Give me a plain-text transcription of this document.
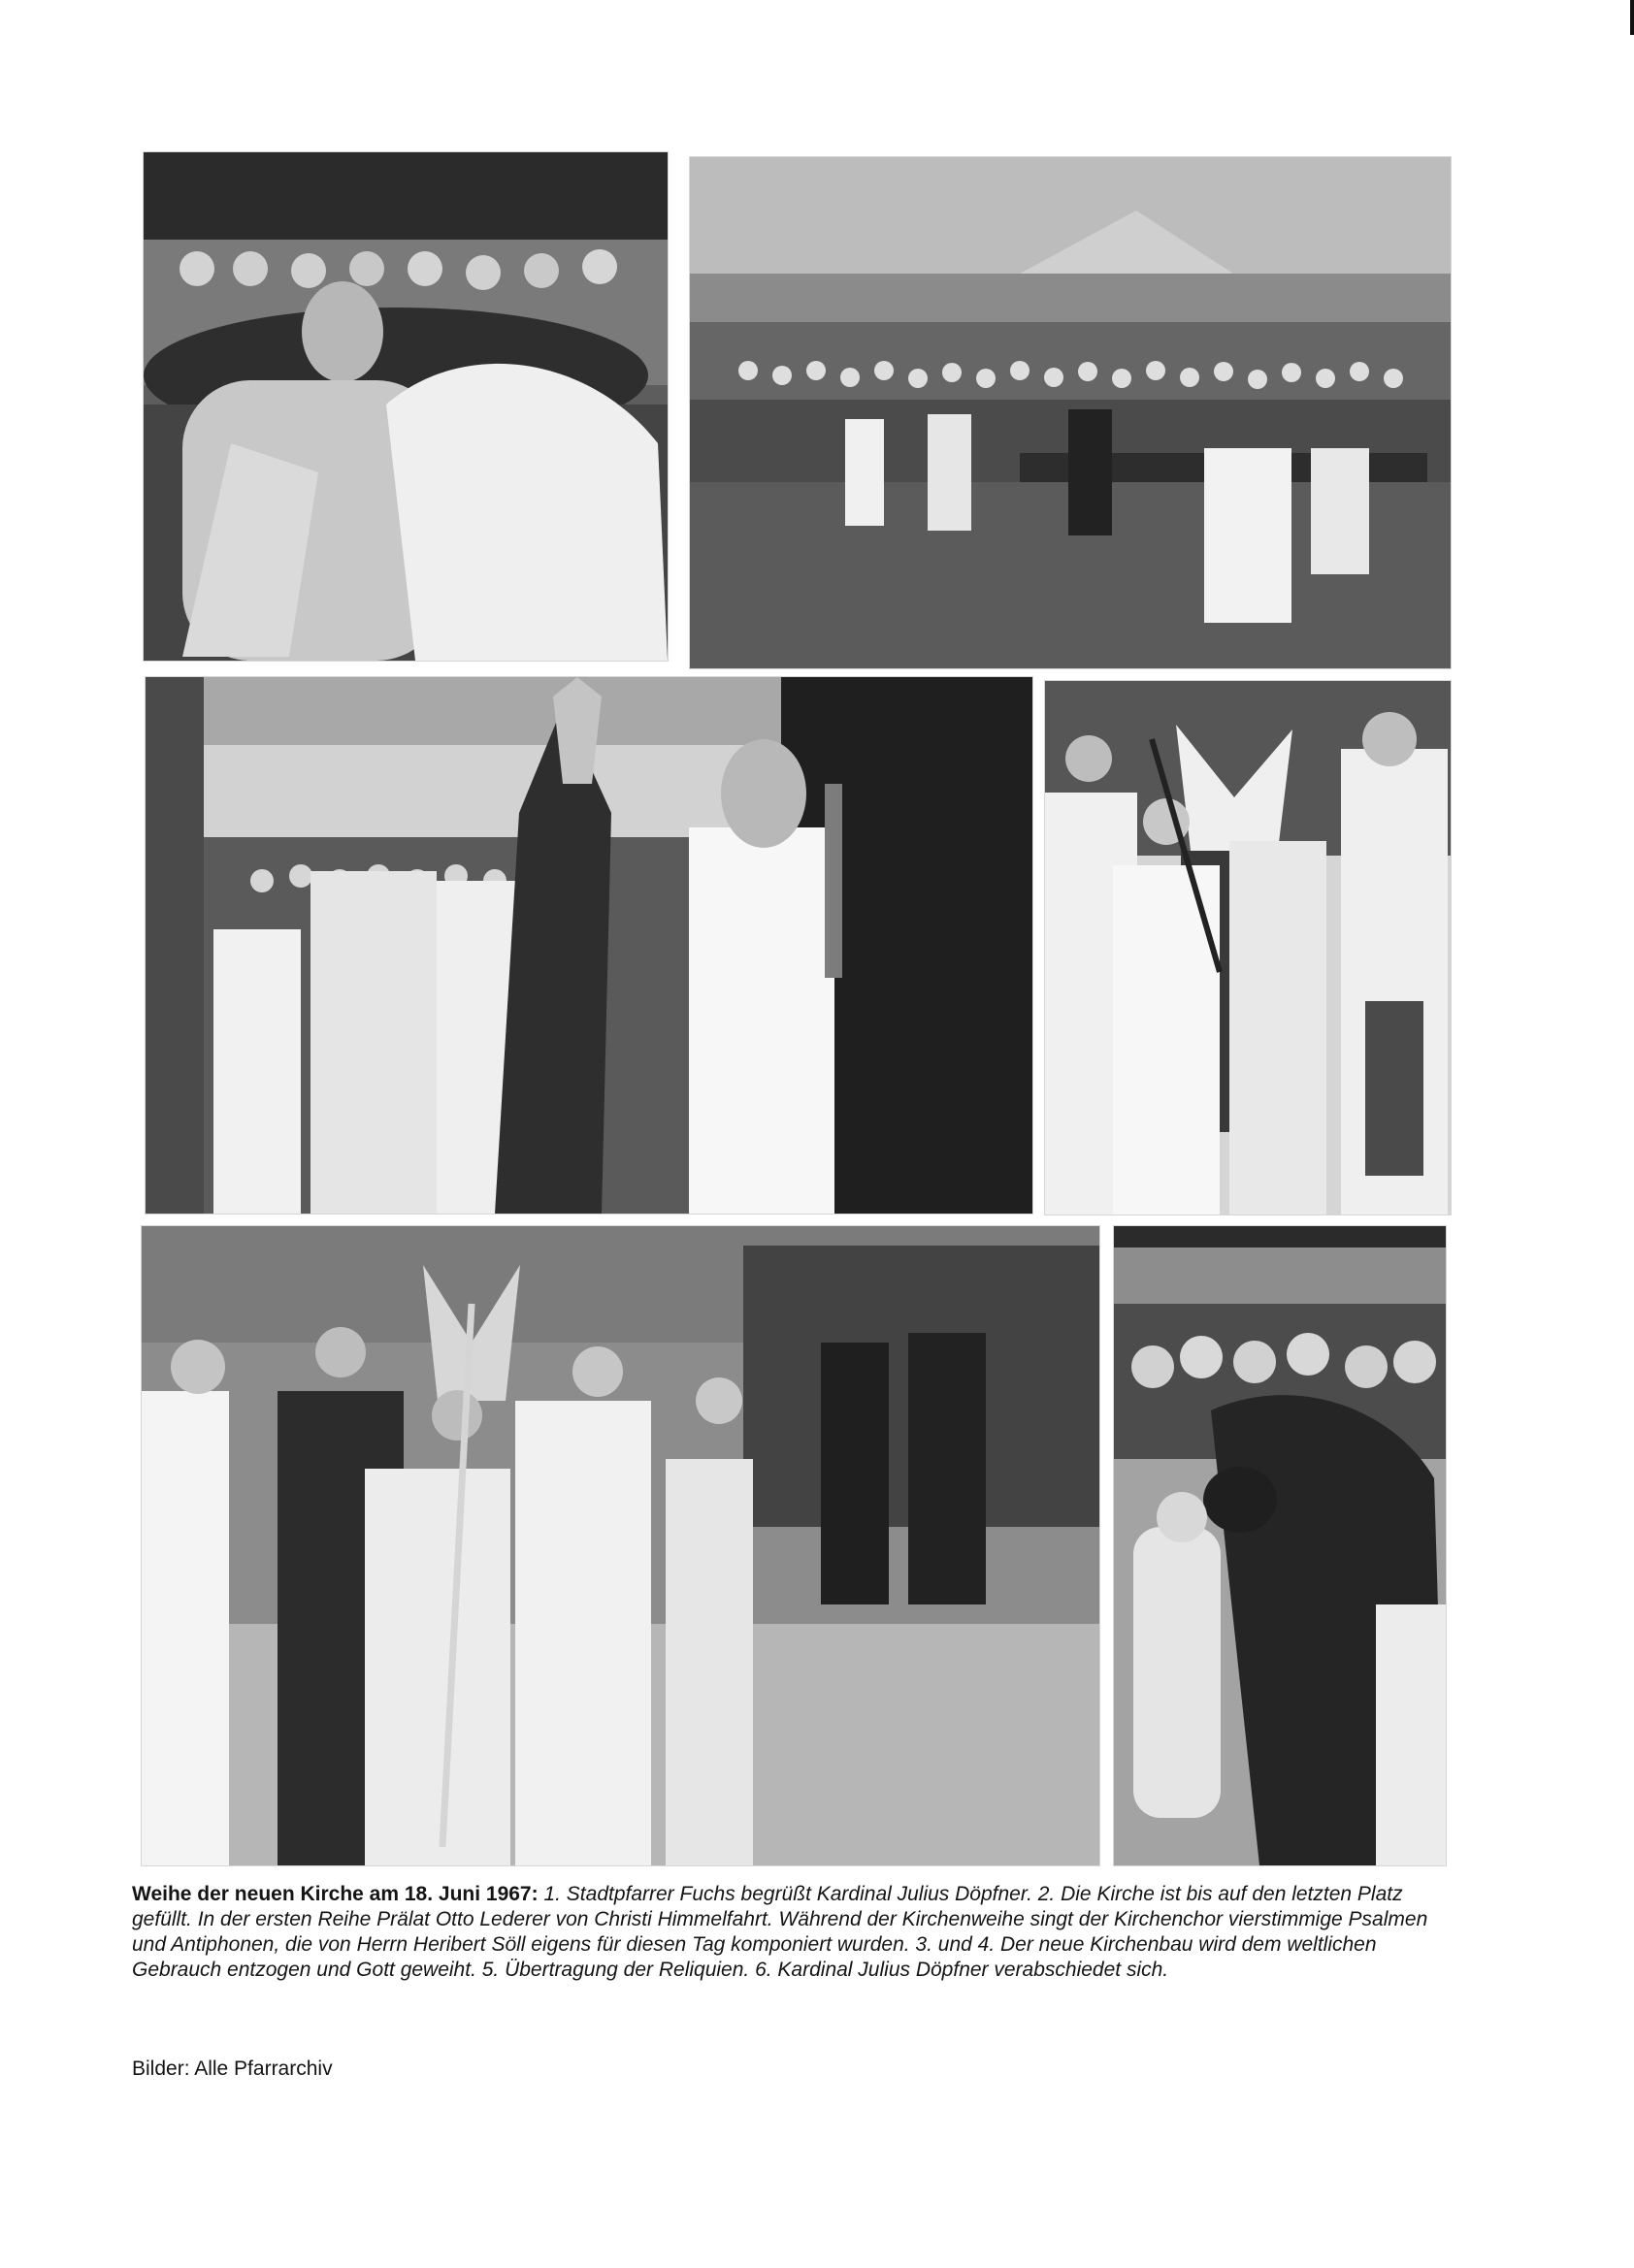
Weihe der neuen Kirche am 18. Juni 1967: 1. Stadtpfarrer Fuchs begrüßt Kardinal Julius Döpfner. 2. Die Kirche ist bis auf den letzten Platz gefüllt. In der ersten Reihe Prälat Otto Lederer von Christi Himmelfahrt. Während der Kirchenweihe singt der Kirchenchor vierstimmige Psalmen und Antiphonen, die von Herrn Heribert Söll eigens für diesen Tag komponiert wurden. 3. und 4. Der neue Kirchenbau wird dem weltlichen Gebrauch entzogen und Gott geweiht. 5. Übertragung der Reliquien. 6. Kardinal Julius Döpfner verabschiedet sich.
Bilder: Alle Pfarrarchiv
